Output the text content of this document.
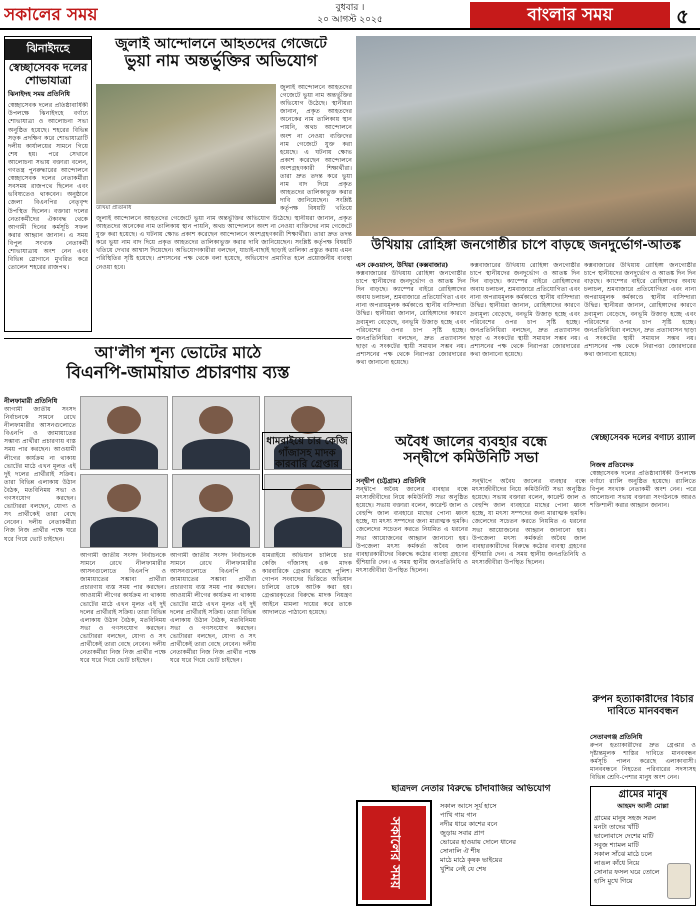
সকালের সময়	বুধবার ।
২০ আগস্ট ২০২৫	বাংলার সময়	৫
ঝিনাইদহে
স্বেচ্ছাসেবক দলের শোভাযাত্রা
ঝিনাইদহ সময় প্রতিনিধি
স্বেচ্ছাসেবক দলের প্রতিষ্ঠাবার্ষিকী উপলক্ষে ঝিনাইদহে বর্ণাঢ্য শোভাযাত্রা ও আলোচনা সভা অনুষ্ঠিত হয়েছে। শহরের বিভিন্ন সড়ক প্রদক্ষিণ করে শোভাযাত্রাটি দলীয় কার্যালয়ের সামনে গিয়ে শেষ হয়। পরে সেখানে আলোচনা সভায় বক্তারা বলেন, গণতন্ত্র পুনরুদ্ধারের আন্দোলনে স্বেচ্ছাসেবক দলের নেতাকর্মীরা সবসময় রাজপথে ছিলেন এবং ভবিষ্যতেও থাকবেন। অনুষ্ঠানে জেলা বিএনপির নেতৃবৃন্দ উপস্থিত ছিলেন। বক্তারা দলের নেতাকর্মীদের ঐক্যবদ্ধ থেকে আগামী দিনের কর্মসূচি সফল করার আহ্বান জানান। এ সময় বিপুল সংখ্যক নেতাকর্মী শোভাযাত্রায় অংশ নেন এবং বিভিন্ন স্লোগানে মুখরিত করে তোলেন শহরের রাজপথ।
জুলাই আন্দোলনে আহতদের গেজেটে
ভুয়া নাম অন্তর্ভুক্তির অভিযোগ
উখিয়া প্রতিনিধি
জুলাই আন্দোলনে আহতদের গেজেটে ভুয়া নাম অন্তর্ভুক্তির অভিযোগ উঠেছে। স্থানীয়রা জানান, প্রকৃত আহতদের অনেকের নাম তালিকায় স্থান পায়নি, অথচ আন্দোলনে অংশ না নেওয়া ব্যক্তিদের নাম গেজেটে যুক্ত করা হয়েছে। এ ঘটনায় ক্ষোভ প্রকাশ করেছেন আন্দোলনে অংশগ্রহণকারী শিক্ষার্থীরা। তারা দ্রুত তদন্ত করে ভুয়া নাম বাদ দিয়ে প্রকৃত আহতদের তালিকাভুক্ত করার দাবি জানিয়েছেন। সংশ্লিষ্ট কর্তৃপক্ষ বিষয়টি খতিয়ে
জুলাই আন্দোলনে আহতদের গেজেটে ভুয়া নাম অন্তর্ভুক্তির অভিযোগ উঠেছে। স্থানীয়রা জানান, প্রকৃত আহতদের অনেকের নাম তালিকায় স্থান পায়নি, অথচ আন্দোলনে অংশ না নেওয়া ব্যক্তিদের নাম গেজেটে যুক্ত করা হয়েছে। এ ঘটনায় ক্ষোভ প্রকাশ করেছেন আন্দোলনে অংশগ্রহণকারী শিক্ষার্থীরা। তারা দ্রুত তদন্ত করে ভুয়া নাম বাদ দিয়ে প্রকৃত আহতদের তালিকাভুক্ত করার দাবি জানিয়েছেন। সংশ্লিষ্ট কর্তৃপক্ষ বিষয়টি খতিয়ে দেখার আশ্বাস দিয়েছেন। অভিযোগকারীরা বলছেন, যাচাই-বাছাই ছাড়াই তালিকা প্রস্তুত করায় এমন পরিস্থিতির সৃষ্টি হয়েছে। প্রশাসনের পক্ষ থেকে বলা হয়েছে, অভিযোগ প্রমাণিত হলে প্রয়োজনীয় ব্যবস্থা নেওয়া হবে।
উখিয়ায় রোহিঙ্গা জনগোষ্ঠীর চাপে বাড়ছে জনদুর্ভোগ-আতঙ্ক
এস কেওয়াংস, উখিয়া (কক্সবাজার)
কক্সবাজারের উখিয়ায় রোহিঙ্গা জনগোষ্ঠীর চাপে স্থানীয়দের জনদুর্ভোগ ও আতঙ্ক দিন দিন বাড়ছে। ক্যাম্পের বাইরে রোহিঙ্গাদের অবাধ চলাচল, শ্রমবাজারে প্রতিযোগিতা এবং নানা অপরাধমূলক কর্মকাণ্ডে স্থানীয় বাসিন্দারা উদ্বিগ্ন। স্থানীয়রা জানান, রোহিঙ্গাদের কারণে দ্রব্যমূল্য বেড়েছে, বনভূমি উজাড় হচ্ছে এবং পরিবেশের ওপর চাপ সৃষ্টি হচ্ছে। জনপ্রতিনিধিরা বলছেন, দ্রুত প্রত্যাবাসন ছাড়া এ সংকটের স্থায়ী সমাধান সম্ভব নয়। প্রশাসনের পক্ষ থেকে নিরাপত্তা জোরদারের কথা জানানো হয়েছে।
কক্সবাজারের উখিয়ায় রোহিঙ্গা জনগোষ্ঠীর চাপে স্থানীয়দের জনদুর্ভোগ ও আতঙ্ক দিন দিন বাড়ছে। ক্যাম্পের বাইরে রোহিঙ্গাদের অবাধ চলাচল, শ্রমবাজারে প্রতিযোগিতা এবং নানা অপরাধমূলক কর্মকাণ্ডে স্থানীয় বাসিন্দারা উদ্বিগ্ন। স্থানীয়রা জানান, রোহিঙ্গাদের কারণে দ্রব্যমূল্য বেড়েছে, বনভূমি উজাড় হচ্ছে এবং পরিবেশের ওপর চাপ সৃষ্টি হচ্ছে। জনপ্রতিনিধিরা বলছেন, দ্রুত প্রত্যাবাসন ছাড়া এ সংকটের স্থায়ী সমাধান সম্ভব নয়। প্রশাসনের পক্ষ থেকে নিরাপত্তা জোরদারের কথা জানানো হয়েছে।
কক্সবাজারের উখিয়ায় রোহিঙ্গা জনগোষ্ঠীর চাপে স্থানীয়দের জনদুর্ভোগ ও আতঙ্ক দিন দিন বাড়ছে। ক্যাম্পের বাইরে রোহিঙ্গাদের অবাধ চলাচল, শ্রমবাজারে প্রতিযোগিতা এবং নানা অপরাধমূলক কর্মকাণ্ডে স্থানীয় বাসিন্দারা উদ্বিগ্ন। স্থানীয়রা জানান, রোহিঙ্গাদের কারণে দ্রব্যমূল্য বেড়েছে, বনভূমি উজাড় হচ্ছে এবং পরিবেশের ওপর চাপ সৃষ্টি হচ্ছে। জনপ্রতিনিধিরা বলছেন, দ্রুত প্রত্যাবাসন ছাড়া এ সংকটের স্থায়ী সমাধান সম্ভব নয়। প্রশাসনের পক্ষ থেকে নিরাপত্তা জোরদারের কথা জানানো হয়েছে।
আ'লীগ শূন্য ভোটের মাঠে
বিএনপি-জামায়াত প্রচারণায় ব্যস্ত
নীলফামারী প্রতিনিধি
আগামী জাতীয় সংসদ নির্বাচনকে সামনে রেখে নীলফামারীর আসনগুলোতে বিএনপি ও জামায়াতের সম্ভাব্য প্রার্থীরা প্রচারণায় ব্যস্ত সময় পার করছেন। আওয়ামী লীগের কার্যক্রম না থাকায় ভোটের মাঠে এখন মূলত এই দুই দলের প্রার্থীরাই সক্রিয়। তারা বিভিন্ন এলাকায় উঠান বৈঠক, মতবিনিময় সভা ও গণসংযোগ করছেন। ভোটাররা বলছেন, যোগ্য ও সৎ প্রার্থীকেই তারা বেছে নেবেন। দলীয় নেতাকর্মীরা নিজ নিজ প্রার্থীর পক্ষে ঘরে ঘরে গিয়ে ভোট চাইছেন।
আগামী জাতীয় সংসদ নির্বাচনকে সামনে রেখে নীলফামারীর আসনগুলোতে বিএনপি ও জামায়াতের সম্ভাব্য প্রার্থীরা প্রচারণায় ব্যস্ত সময় পার করছেন। আওয়ামী লীগের কার্যক্রম না থাকায় ভোটের মাঠে এখন মূলত এই দুই দলের প্রার্থীরাই সক্রিয়। তারা বিভিন্ন এলাকায় উঠান বৈঠক, মতবিনিময় সভা ও গণসংযোগ করছেন। ভোটাররা বলছেন, যোগ্য ও সৎ প্রার্থীকেই তারা বেছে নেবেন। দলীয় নেতাকর্মীরা নিজ নিজ প্রার্থীর পক্ষে ঘরে ঘরে গিয়ে ভোট চাইছেন।
আগামী জাতীয় সংসদ নির্বাচনকে সামনে রেখে নীলফামারীর আসনগুলোতে বিএনপি ও জামায়াতের সম্ভাব্য প্রার্থীরা প্রচারণায় ব্যস্ত সময় পার করছেন। আওয়ামী লীগের কার্যক্রম না থাকায় ভোটের মাঠে এখন মূলত এই দুই দলের প্রার্থীরাই সক্রিয়। তারা বিভিন্ন এলাকায় উঠান বৈঠক, মতবিনিময় সভা ও গণসংযোগ করছেন। ভোটাররা বলছেন, যোগ্য ও সৎ প্রার্থীকেই তারা বেছে নেবেন। দলীয় নেতাকর্মীরা নিজ নিজ প্রার্থীর পক্ষে ঘরে ঘরে গিয়ে ভোট চাইছেন।
ধামরাইয়ে চার কেজি গাঁজাসহ মাদক কারবারি গ্রেপ্তার
ধামরাইয়ে অভিযান চালিয়ে চার কেজি গাঁজাসহ এক মাদক কারবারিকে গ্রেপ্তার করেছে পুলিশ। গোপন সংবাদের ভিত্তিতে অভিযান চালিয়ে তাকে আটক করা হয়। গ্রেপ্তারকৃতের বিরুদ্ধে মাদক নিয়ন্ত্রণ আইনে মামলা দায়ের করে তাকে আদালতে পাঠানো হয়েছে।
অবৈধ জালের ব্যবহার বন্ধে
সন্দ্বীপে কমিউনিটি সভা
সন্দ্বীপ (চট্টগ্রাম) প্রতিনিধি
সন্দ্বীপে অবৈধ জালের ব্যবহার বন্ধে মৎস্যজীবীদের নিয়ে কমিউনিটি সভা অনুষ্ঠিত হয়েছে। সভায় বক্তারা বলেন, কারেন্ট জাল ও বেহুন্দি জাল ব্যবহারে মাছের পোনা ধ্বংস হচ্ছে, যা মৎস্য সম্পদের জন্য মারাত্মক হুমকি। জেলেদের সচেতন করতে নিয়মিত এ ধরনের সভা আয়োজনের আহ্বান জানানো হয়। উপজেলা মৎস্য কর্মকর্তা অবৈধ জাল ব্যবহারকারীদের বিরুদ্ধে কঠোর ব্যবস্থা গ্রহণের হুঁশিয়ারি দেন। এ সময় স্থানীয় জনপ্রতিনিধি ও মৎস্যজীবীরা উপস্থিত ছিলেন।
সন্দ্বীপে অবৈধ জালের ব্যবহার বন্ধে মৎস্যজীবীদের নিয়ে কমিউনিটি সভা অনুষ্ঠিত হয়েছে। সভায় বক্তারা বলেন, কারেন্ট জাল ও বেহুন্দি জাল ব্যবহারে মাছের পোনা ধ্বংস হচ্ছে, যা মৎস্য সম্পদের জন্য মারাত্মক হুমকি। জেলেদের সচেতন করতে নিয়মিত এ ধরনের সভা আয়োজনের আহ্বান জানানো হয়। উপজেলা মৎস্য কর্মকর্তা অবৈধ জাল ব্যবহারকারীদের বিরুদ্ধে কঠোর ব্যবস্থা গ্রহণের হুঁশিয়ারি দেন। এ সময় স্থানীয় জনপ্রতিনিধি ও মৎস্যজীবীরা উপস্থিত ছিলেন।
স্বেচ্ছাসেবক দলের বর্ণাঢ্য র‍্যালি
নিজস্ব প্রতিবেদক
স্বেচ্ছাসেবক দলের প্রতিষ্ঠাবার্ষিকী উপলক্ষে বর্ণাঢ্য র‍্যালি অনুষ্ঠিত হয়েছে। র‍্যালিতে বিপুল সংখ্যক নেতাকর্মী অংশ নেন। পরে আলোচনা সভায় বক্তারা সংগঠনকে আরও শক্তিশালী করার আহ্বান জানান।
রুপন হত্যাকারীদের বিচার
দাবিতে মানববন্ধন
সেতাবগঞ্জ প্রতিনিধি
রুপন হত্যাকারীদের দ্রুত গ্রেপ্তার ও দৃষ্টান্তমূলক শাস্তির দাবিতে মানববন্ধন কর্মসূচি পালন করেছে এলাকাবাসী। মানববন্ধনে নিহতের পরিবারের সদস্যসহ বিভিন্ন শ্রেণি-পেশার মানুষ অংশ নেন।
ছাত্রদল নেতার বিরুদ্ধে চাঁদাবাজির অভিযোগ
সকালের সময়
সকাল আসে সূর্য হাসে
পাখি গায় গান
নদীর ধারে কাশের বনে
জুড়ায় সবার প্রাণ
ভোরের হাওয়ায় দোলে ধানের
সোনালি ঐ শীষ
মাঠে মাঠে কৃষক ভাইয়ের
খুশির নেই যে শেষ
গ্রামের মানুষ
আহমদ আলী মোল্লা
গ্রামের মানুষ সহজ সরল
মনটা তাদের খাঁটি
ভালোবাসে দেশের মাটি
সবুজ শ্যামল মাটি
সকাল সাঁঝে মাঠে চলে
লাঙল কাঁধে নিয়ে
সোনার ফসল ঘরে তোলে
হাসি মুখে গিয়ে
